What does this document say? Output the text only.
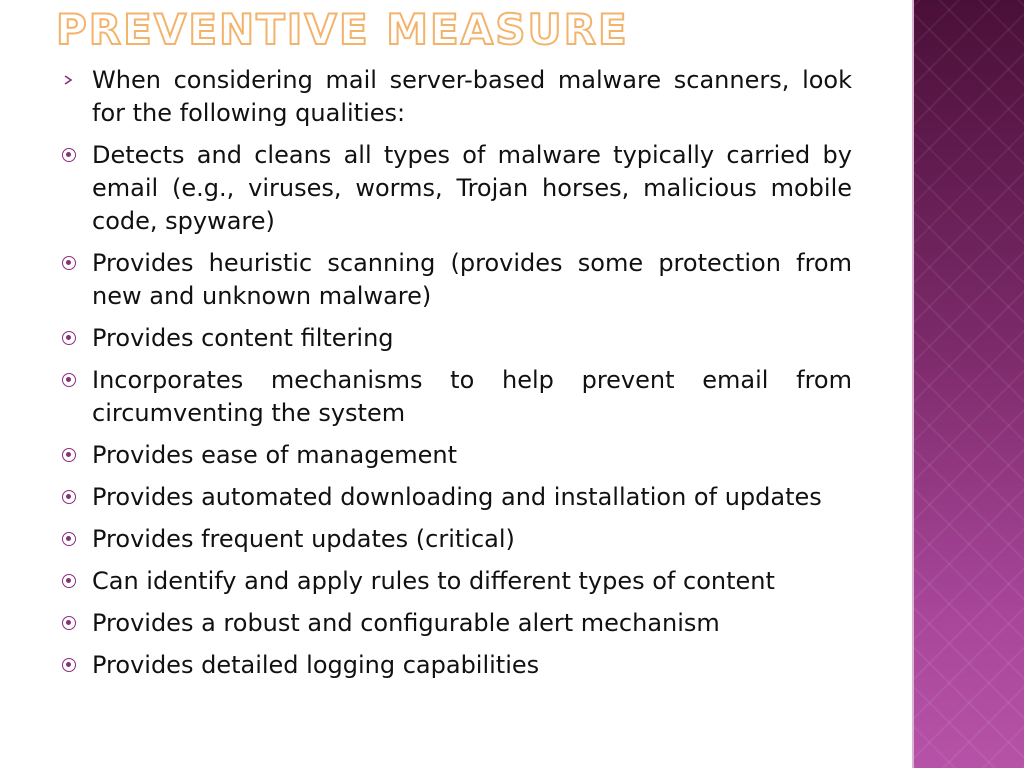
PREVENTIVE MEASURE
When considering mail server-based malware scanners, look for the following qualities:
Detects and cleans all types of malware typically carried by email (e.g., viruses, worms, Trojan horses, malicious mobile code, spyware)
Provides heuristic scanning (provides some protection from new and unknown malware)
Provides content filtering
Incorporates mechanisms to help prevent email from circumventing the system
Provides ease of management
Provides automated downloading and installation of updates
Provides frequent updates (critical)
Can identify and apply rules to different types of content
Provides a robust and configurable alert mechanism
Provides detailed logging capabilities
